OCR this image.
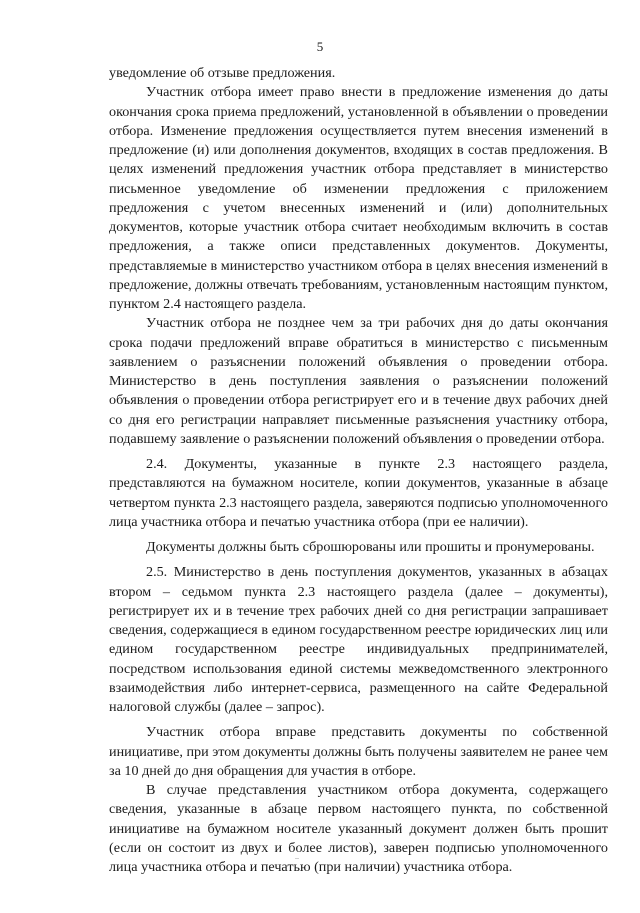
5

уведомление об отзыве предложения.

Участник отбора имеет право внести в предложение изменения до даты окончания срока приема предложений, установленной в объявлении о проведении отбора. Изменение предложения осуществляется путем внесения изменений в предложение (и) или дополнения документов, входящих в состав предложения. В целях изменений предложения участник отбора представляет в министерство письменное уведомление об изменении предложения с приложением предложения с учетом внесенных изменений и (или) дополнительных документов, которые участник отбора считает необходимым включить в состав предложения, а также описи представленных документов. Документы, представляемые в министерство участником отбора в целях внесения изменений в предложение, должны отвечать требованиям, установленным настоящим пунктом, пунктом 2.4 настоящего раздела.

Участник отбора не позднее чем за три рабочих дня до даты окончания срока подачи предложений вправе обратиться в министерство с письменным заявлением о разъяснении положений объявления о проведении отбора. Министерство в день поступления заявления о разъяснении положений объявления о проведении отбора регистрирует его и в течение двух рабочих дней со дня его регистрации направляет письменные разъяснения участнику отбора, подавшему заявление о разъяснении положений объявления о проведении отбора.

2.4. Документы, указанные в пункте 2.3 настоящего раздела, представляются на бумажном носителе, копии документов, указанные в абзаце четвертом пункта 2.3 настоящего раздела, заверяются подписью уполномоченного лица участника отбора и печатью участника отбора (при ее наличии).

Документы должны быть сброшюрованы или прошиты и пронумерованы.

2.5. Министерство в день поступления документов, указанных в абзацах втором – седьмом пункта 2.3 настоящего раздела (далее – документы), регистрирует их и в течение трех рабочих дней со дня регистрации запрашивает сведения, содержащиеся в едином государственном реестре юридических лиц или едином государственном реестре индивидуальных предпринимателей, посредством использования единой системы межведомственного электронного взаимодействия либо интернет-сервиса, размещенного на сайте Федеральной налоговой службы (далее – запрос).

Участник отбора вправе представить документы по собственной инициативе, при этом документы должны быть получены заявителем не ранее чем за 10 дней до дня обращения для участия в отборе.

В случае представления участником отбора документа, содержащего сведения, указанные в абзаце первом настоящего пункта, по собственной инициативе на бумажном носителе указанный документ должен быть прошит (если он состоит из двух и более листов), заверен подписью уполномоченного лица участника отбора и печатью (при наличии) участника отбора.
